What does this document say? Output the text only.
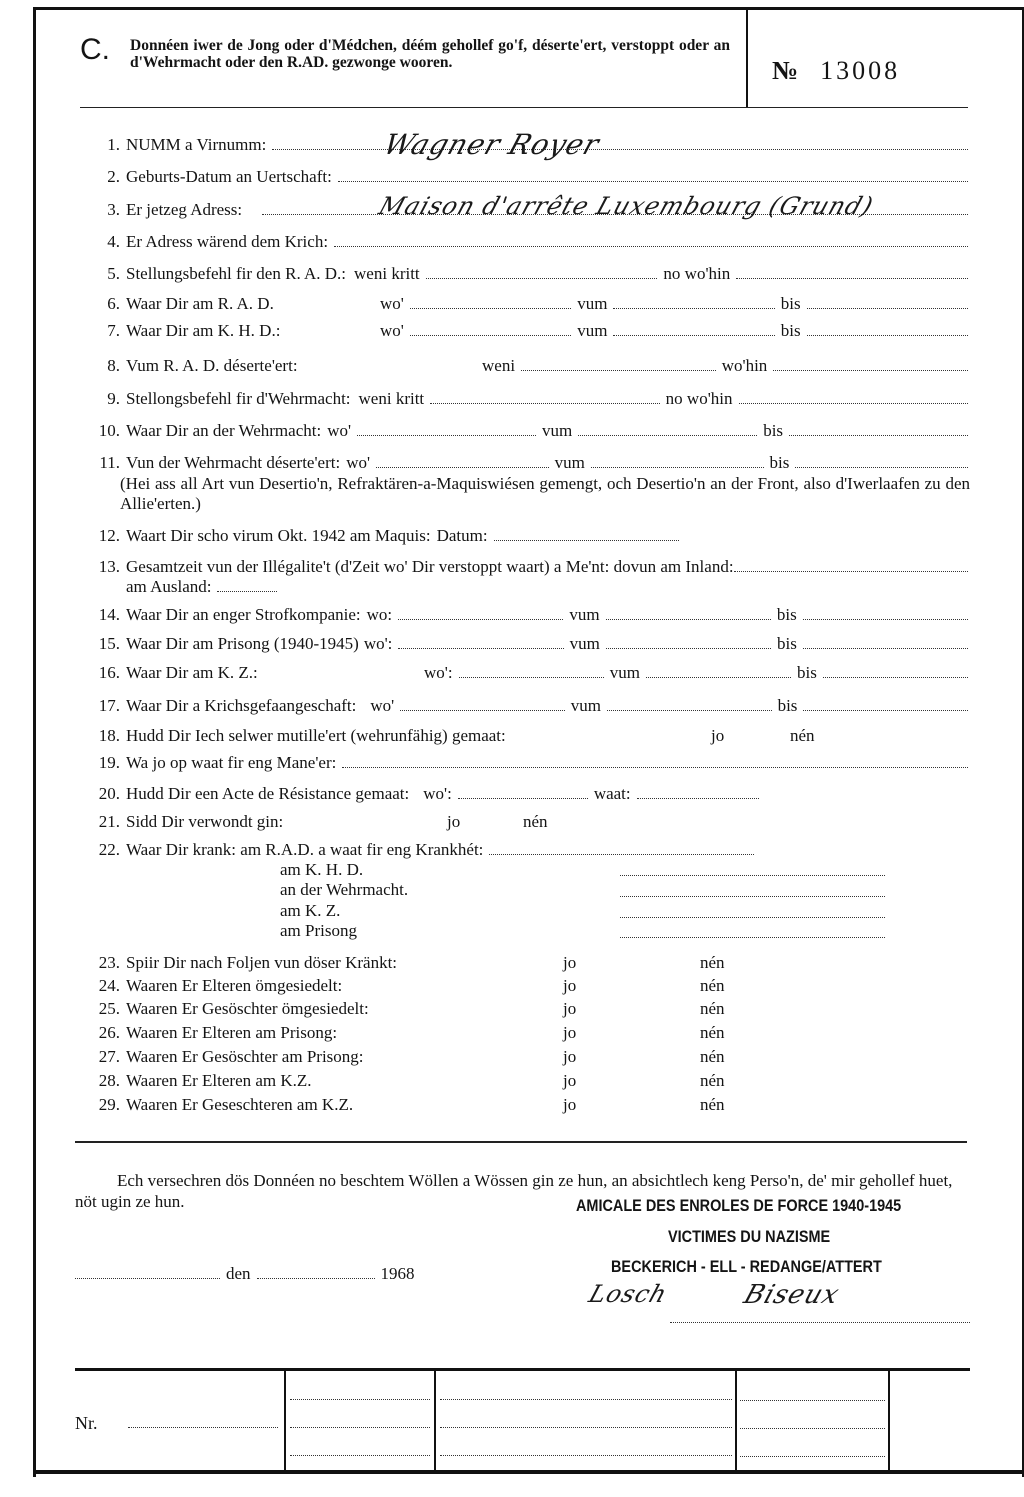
C. Donnéen iwer de Jong oder d'Médchen, déém gehollef go'f, déserte'ert, verstoppt oder an d'Wehrmacht oder den R.AD. gezwonge wooren.	№ 13008
1. NUMM a Virnumm:	Wagner Royer
2. Geburts-Datum an Uertschaft:
3. Er jetzeg Adress:	Maison d'arrête Luxembourg (Grund)
4. Er Adress wärend dem Krich:
5. Stellungsbefehl fir den R. A. D.: weni kritt	no wo'hin
6. Waar Dir am R. A. D.	wo'	vum	bis
7. Waar Dir am K. H. D.:	wo'	vum	bis
8. Vum R. A. D. déserte'ert:	weni	wo'hin
9. Stellongsbefehl fir d'Wehrmacht: weni kritt	no wo'hin
10. Waar Dir an der Wehrmacht: wo'	vum	bis
11. Vun der Wehrmacht déserte'ert: wo'	vum	bis
(Hei ass all Art vun Desertio'n, Refraktären-a-Maquiswiésen gemengt, och Desertio'n an der Front, also d'Iwerlaafen zu den Allie'erten.)
12. Waart Dir scho virum Okt. 1942 am Maquis: Datum:
13. Gesamtzeit vun der Illégalite't (d'Zeit wo' Dir verstoppt waart) a Me'nt: dovun am Inland:
am Ausland:
14. Waar Dir an enger Strofkompanie: wo:	vum	bis
15. Waar Dir am Prisong (1940-1945) wo':	vum	bis
16. Waar Dir am K. Z.:	wo':	vum	bis
17. Waar Dir a Krichsgefaangeschaft: wo'	vum	bis
18. Hudd Dir Iech selwer mutille'ert (wehrunfähig) gemaat:	jo	nén
19. Wa jo op waat fir eng Mane'er:
20. Hudd Dir een Acte de Résistance gemaat: wo':	waat:
21. Sidd Dir verwondt gin:	jo	nén
22. Waar Dir krank: am R.A.D. a waat fir eng Krankhét:
am K. H. D.
an der Wehrmacht.
am K. Z.
am Prisong
23. Spiir Dir nach Foljen vun döser Kränkt:	jo	nén
24. Waaren Er Elteren ömgesiedelt:	jo	nén
25. Waaren Er Gesöschter ömgesiedelt:	jo	nén
26. Waaren Er Elteren am Prisong:	jo	nén
27. Waaren Er Gesöschter am Prisong:	jo	nén
28. Waaren Er Elteren am K.Z.	jo	nén
29. Waaren Er Geseschteren am K.Z.	jo	nén
Ech versechren dös Donnéen no beschtem Wöllen a Wössen gin ze hun, an absichtlech keng Perso'n, de' mir gehollef huet, nöt ugin ze hun.	AMICALE DES ENROLES DE FORCE 1940-1945
VICTIMES DU NAZISME
BECKERICH - ELL - REDANGE/ATTERT
Losch	Biseux
den	1968
Nr.
